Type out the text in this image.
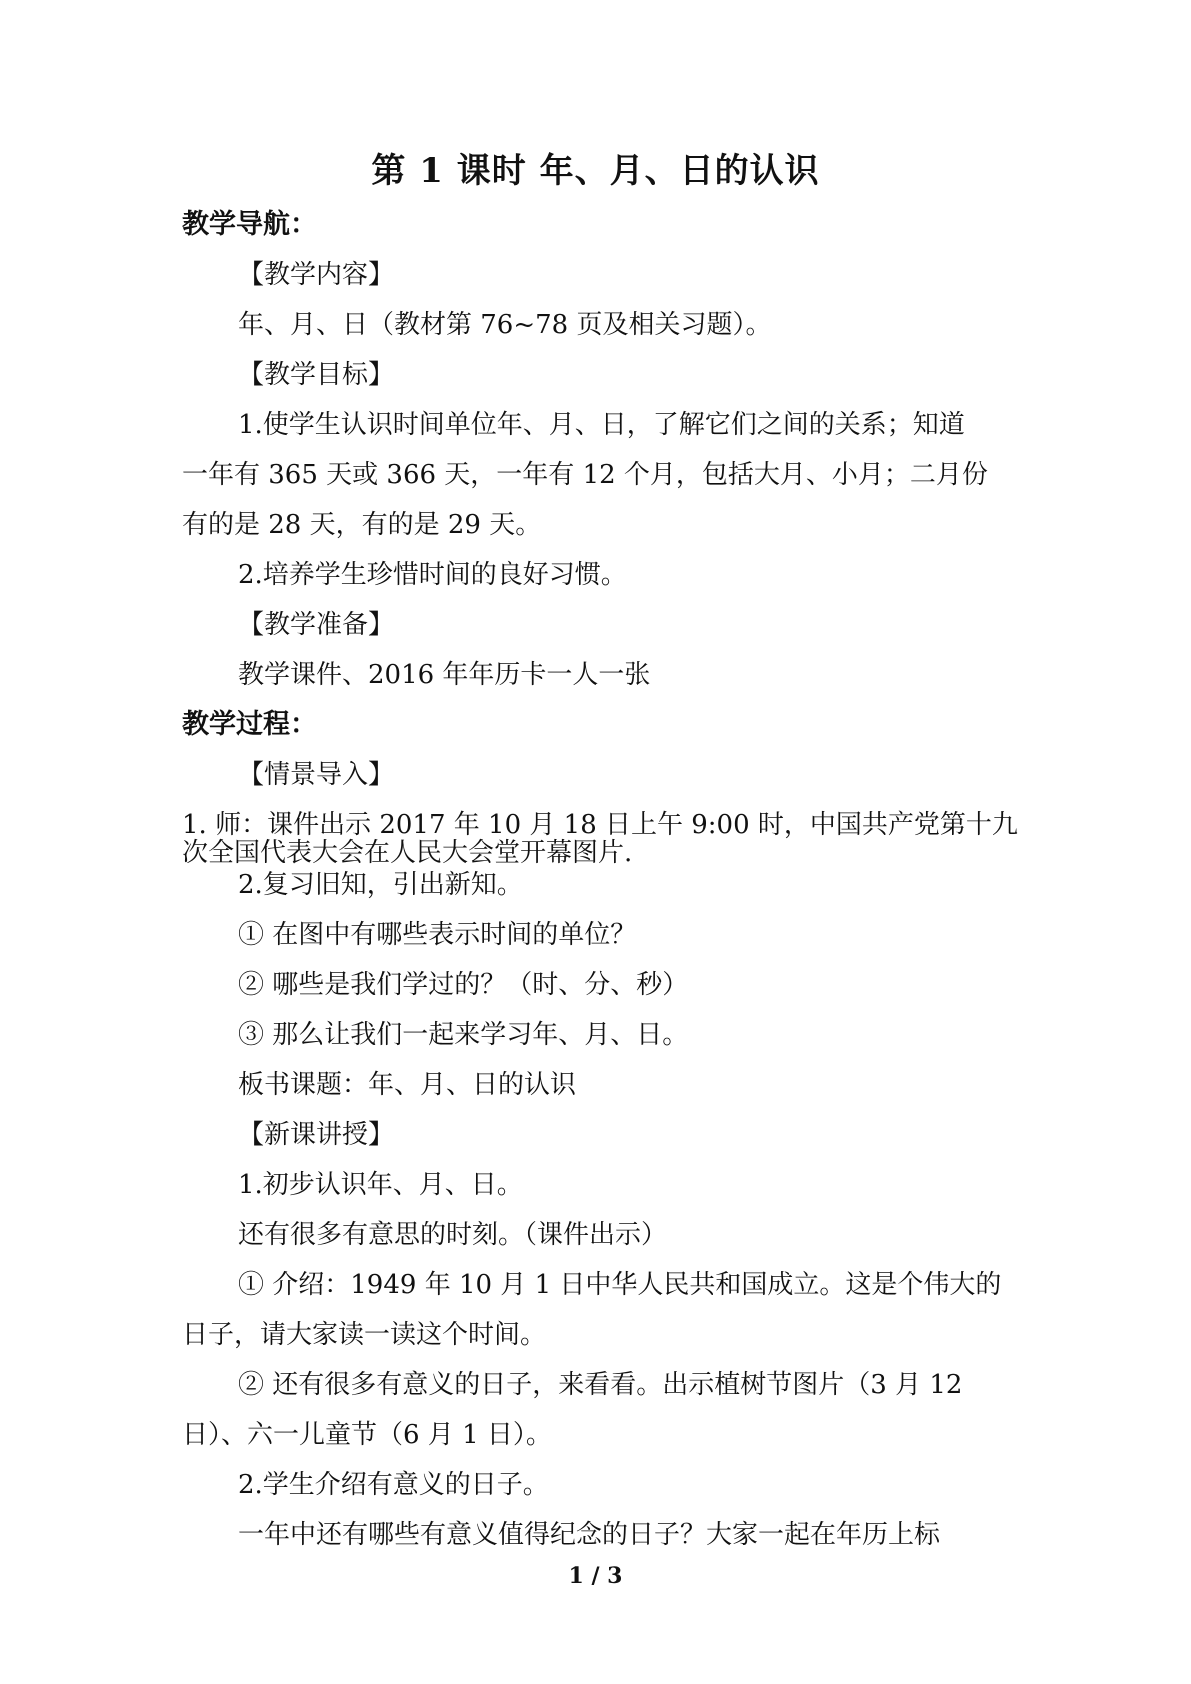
第 1 课时 年、月、日的认识
教学导航：
【教学内容】
年、月、日（教材第 76~78 页及相关习题）。
【教学目标】
1.使学生认识时间单位年、月、日，了解它们之间的关系；知道
一年有 365 天或 366 天，一年有 12 个月，包括大月、小月；二月份
有的是 28 天，有的是 29 天。
2.培养学生珍惜时间的良好习惯。
【教学准备】
教学课件、2016 年年历卡一人一张
教学过程：
【情景导入】
1. 师：课件出示 2017 年 10 月 18 日上午 9:00 时，中国共产党第十九
次全国代表大会在人民大会堂开幕图片.
2.复习旧知，引出新知。
① 在图中有哪些表示时间的单位？
② 哪些是我们学过的？（时、分、秒）
③ 那么让我们一起来学习年、月、日。
板书课题：年、月、日的认识
【新课讲授】
1.初步认识年、月、日。
还有很多有意思的时刻。（课件出示）
① 介绍：1949 年 10 月 1 日中华人民共和国成立。这是个伟大的
日子，请大家读一读这个时间。
② 还有很多有意义的日子，来看看。出示植树节图片（3 月 12
日）、六一儿童节（6 月 1 日）。
2.学生介绍有意义的日子。
一年中还有哪些有意义值得纪念的日子？大家一起在年历上标
1 / 3
